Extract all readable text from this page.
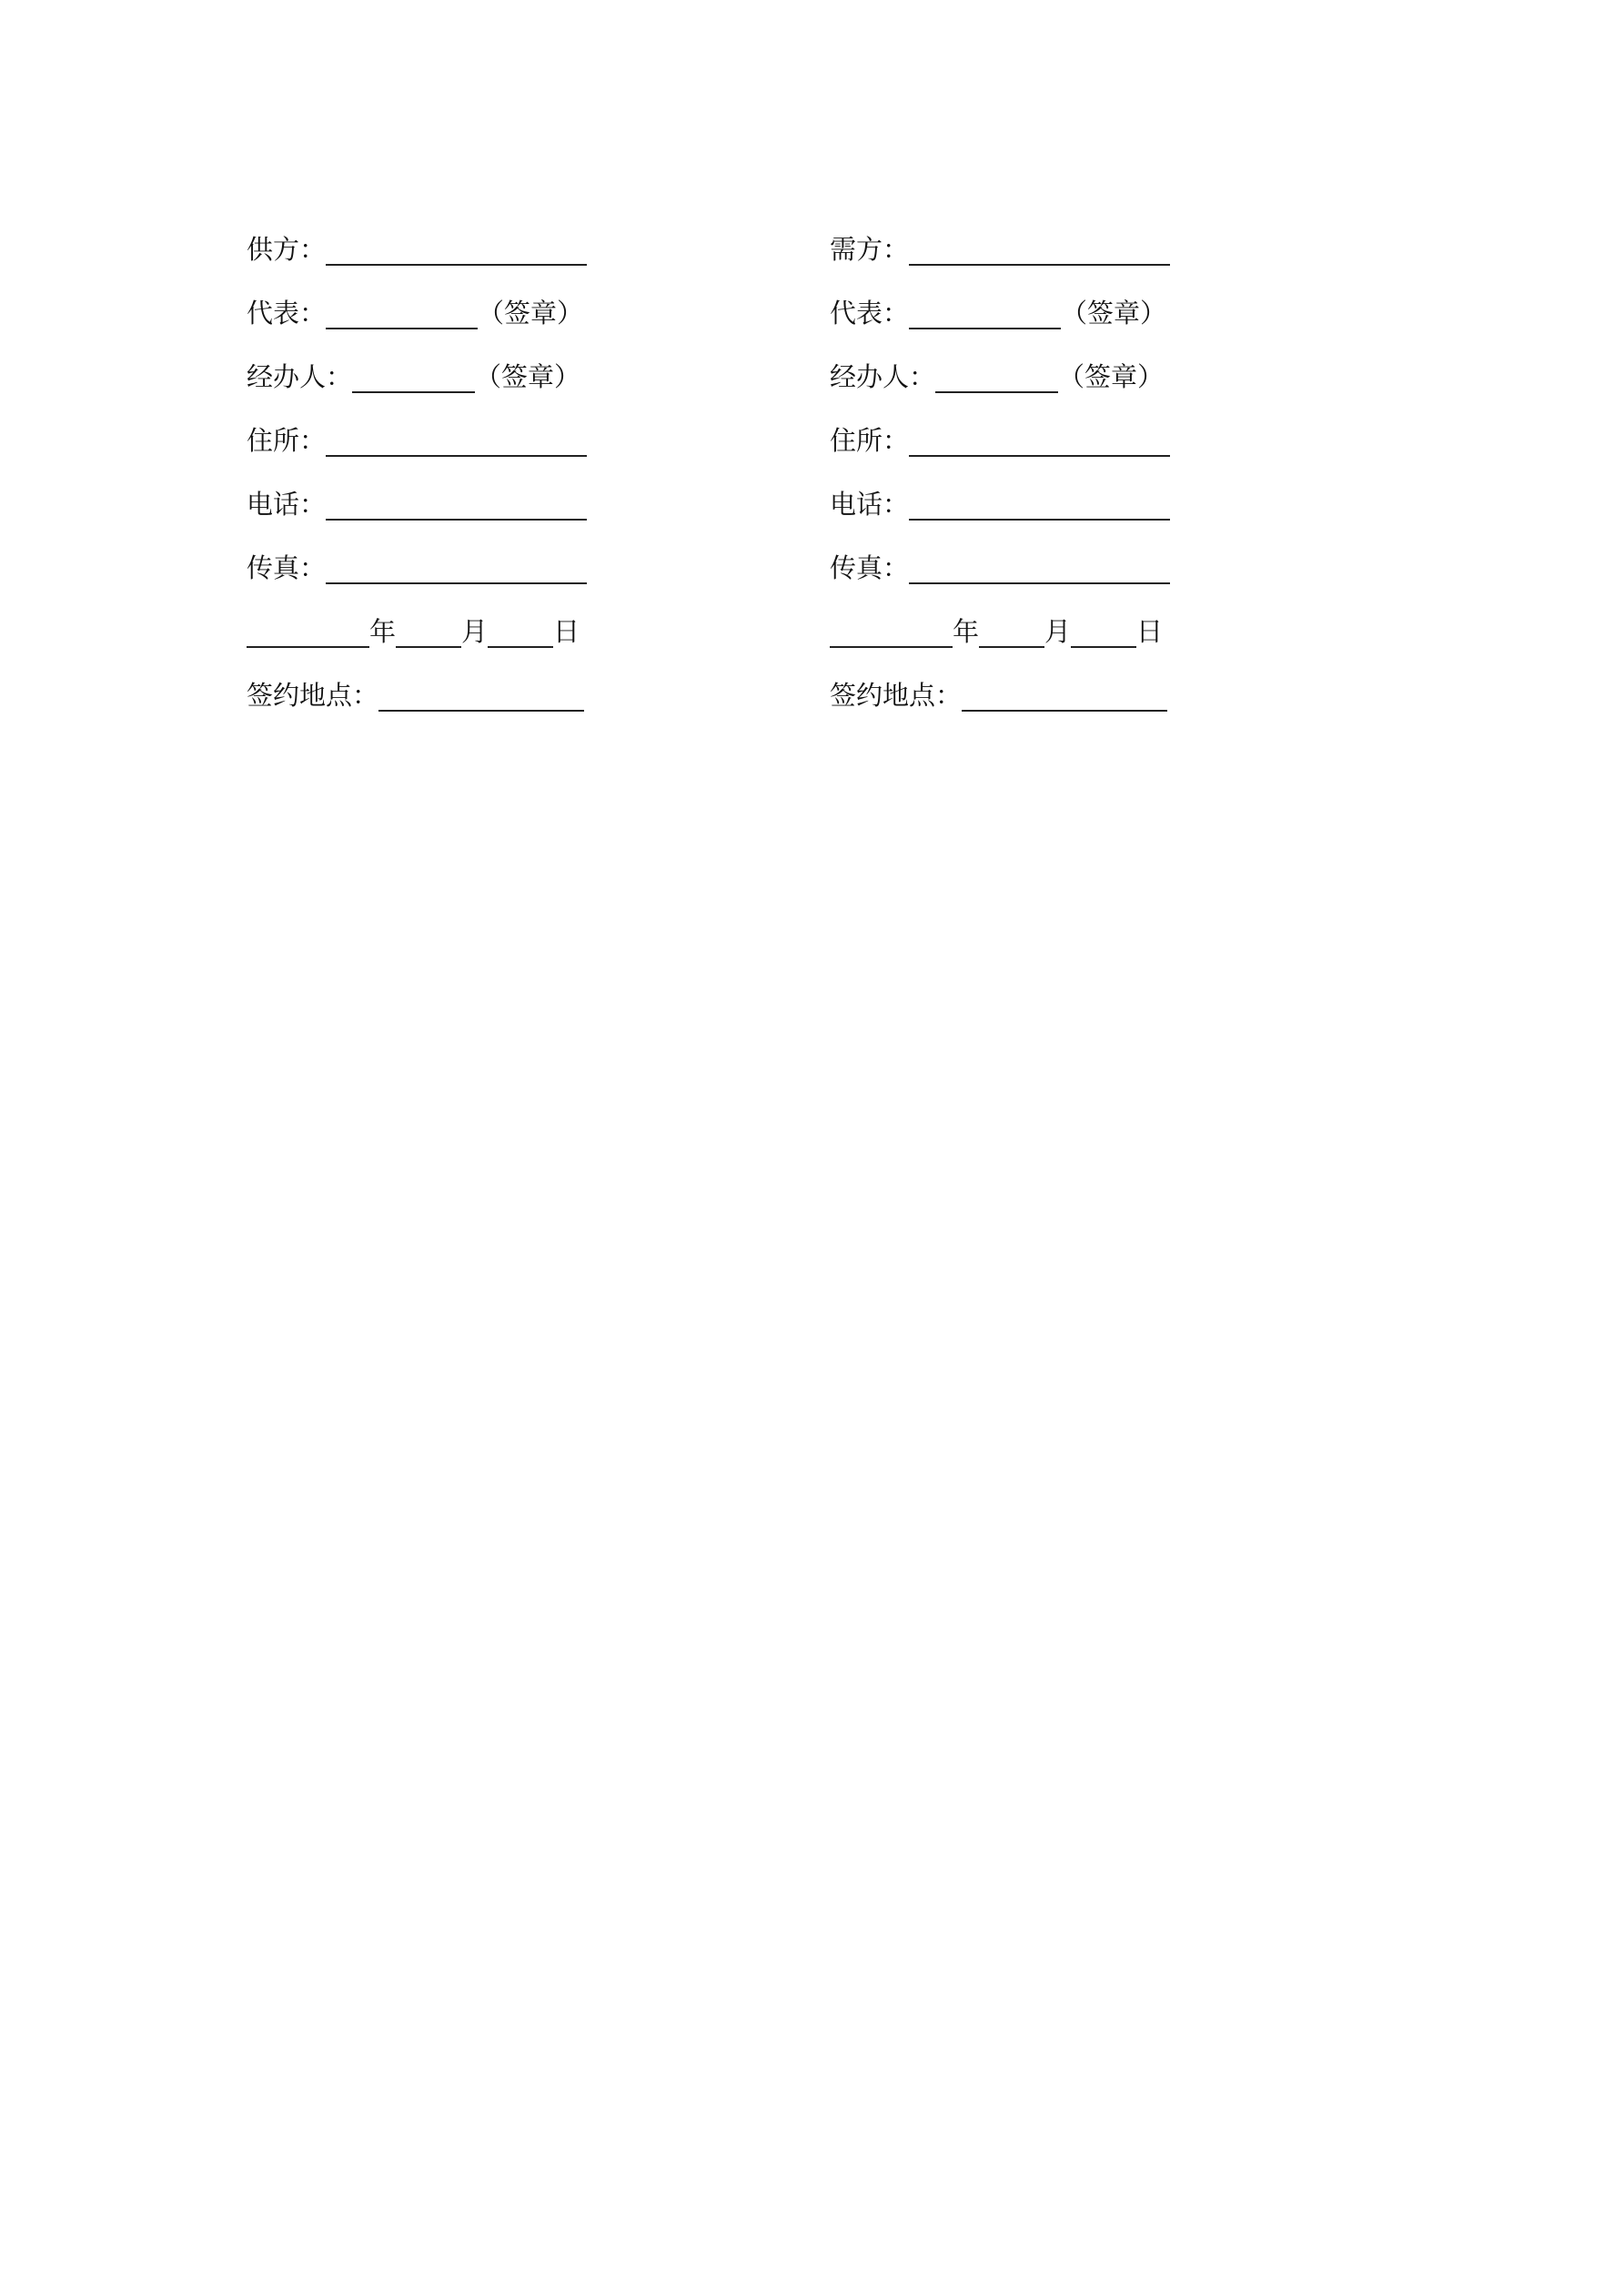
供方：
代表：	（签章）
经办人：	（签章）
住所：
电话：
传真：
年 月 日
签约地点：
需方：
代表：	（签章）
经办人：	（签章）
住所：
电话：
传真：
年 月 日
签约地点：
